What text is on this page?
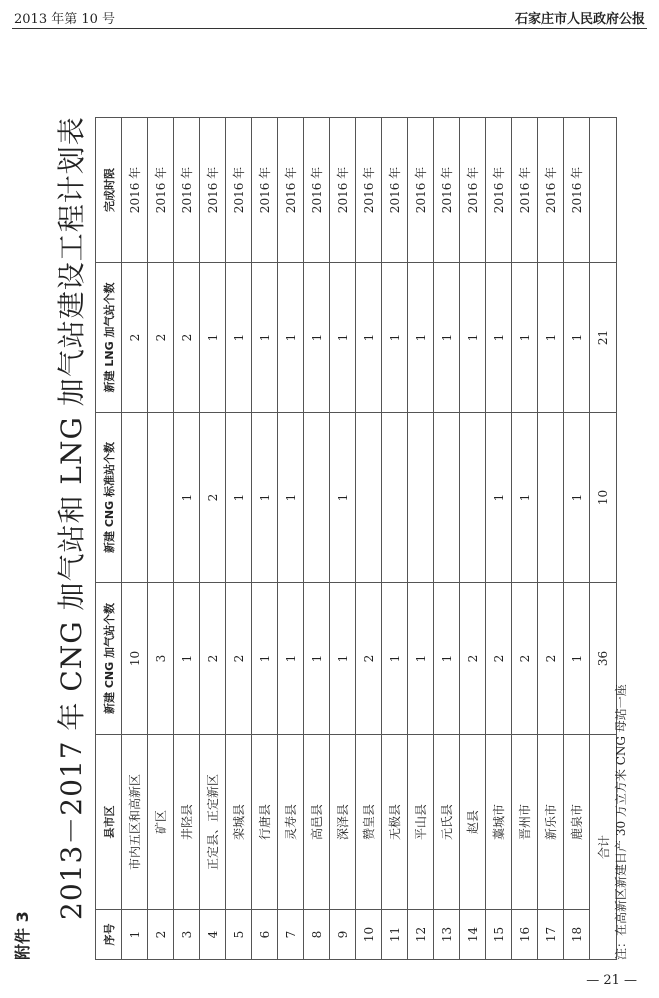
2013 年第 10 号	石家庄市人民政府公报
附件 3
2013－2017 年 CNG 加气站和 LNG 加气站建设工程计划表
序号	县市区	新建 CNG 加气站个数	新建 CNG 标准站个数	新建 LNG 加气站个数	完成时限
1	市内五区和高新区	10		2	2016 年
2	矿区	3		2	2016 年
3	井陉县	1	1	2	2016 年
4	正定县、正定新区	2	2	1	2016 年
5	栾城县	2	1	1	2016 年
6	行唐县	1	1	1	2016 年
7	灵寿县	1	1	1	2016 年
8	高邑县	1		1	2016 年
9	深泽县	1	1	1	2016 年
10	赞皇县	2		1	2016 年
11	无极县	1		1	2016 年
12	平山县	1		1	2016 年
13	元氏县	1		1	2016 年
14	赵县	2		1	2016 年
15	藁城市	2	1	1	2016 年
16	晋州市	2	1	1	2016 年
17	新乐市	2		1	2016 年
18	鹿泉市	1	1	1	2016 年
合计		36	10	21	
注：在高新区新建日产 30 万立方米 CNG 母站一座
— 21 —
